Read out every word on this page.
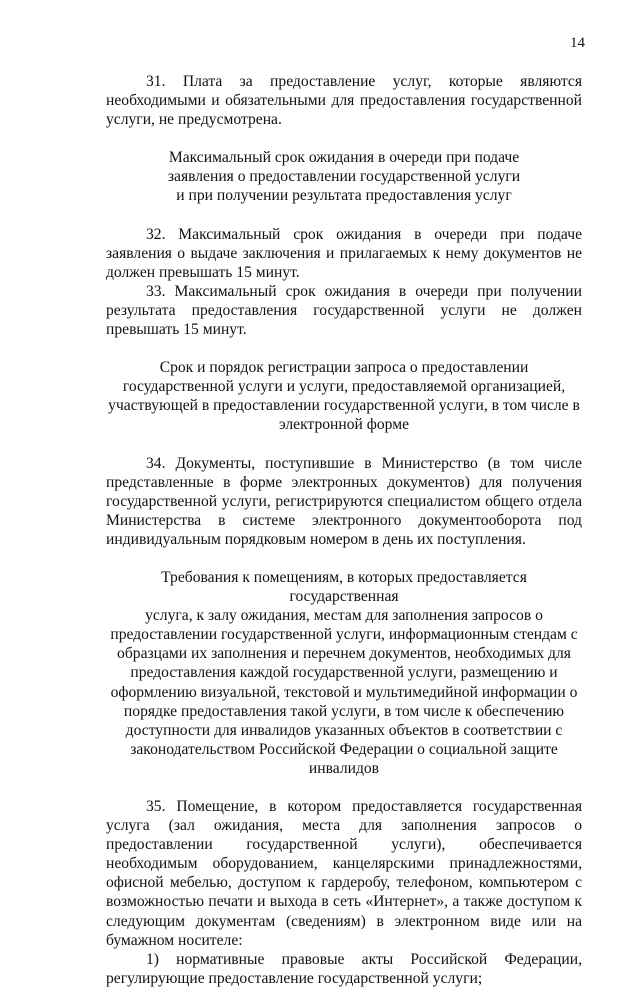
14

31. Плата за предоставление услуг, которые являются необходимыми и обязательными для предоставления государственной услуги, не предусмотрена.

Максимальный срок ожидания в очереди при подаче
заявления о предоставлении государственной услуги
и при получении результата предоставления услуг

32. Максимальный срок ожидания в очереди при подаче заявления о выдаче заключения и прилагаемых к нему документов не должен превышать 15 минут.

33. Максимальный срок ожидания в очереди при получении результата предоставления государственной услуги не должен превышать 15 минут.

Срок и порядок регистрации запроса о предоставлении
государственной услуги и услуги, предоставляемой организацией,
участвующей в предоставлении государственной услуги, в том числе в
электронной форме

34. Документы, поступившие в Министерство (в том числе представленные в форме электронных документов) для получения государственной услуги, регистрируются специалистом общего отдела Министерства в системе электронного документооборота под индивидуальным порядковым номером в день их поступления.

Требования к помещениям, в которых предоставляется государственная
услуга, к залу ожидания, местам для заполнения запросов о
предоставлении государственной услуги, информационным стендам с
образцами их заполнения и перечнем документов, необходимых для
предоставления каждой государственной услуги, размещению и
оформлению визуальной, текстовой и мультимедийной информации о
порядке предоставления такой услуги, в том числе к обеспечению
доступности для инвалидов указанных объектов в соответствии с
законодательством Российской Федерации о социальной защите
инвалидов

35. Помещение, в котором предоставляется государственная услуга (зал ожидания, места для заполнения запросов о предоставлении государственной услуги), обеспечивается необходимым оборудованием, канцелярскими принадлежностями, офисной мебелью, доступом к гардеробу, телефоном, компьютером с возможностью печати и выхода в сеть «Интернет», а также доступом к следующим документам (сведениям) в электронном виде или на бумажном носителе:

1) нормативные правовые акты Российской Федерации, регулирующие предоставление государственной услуги;
